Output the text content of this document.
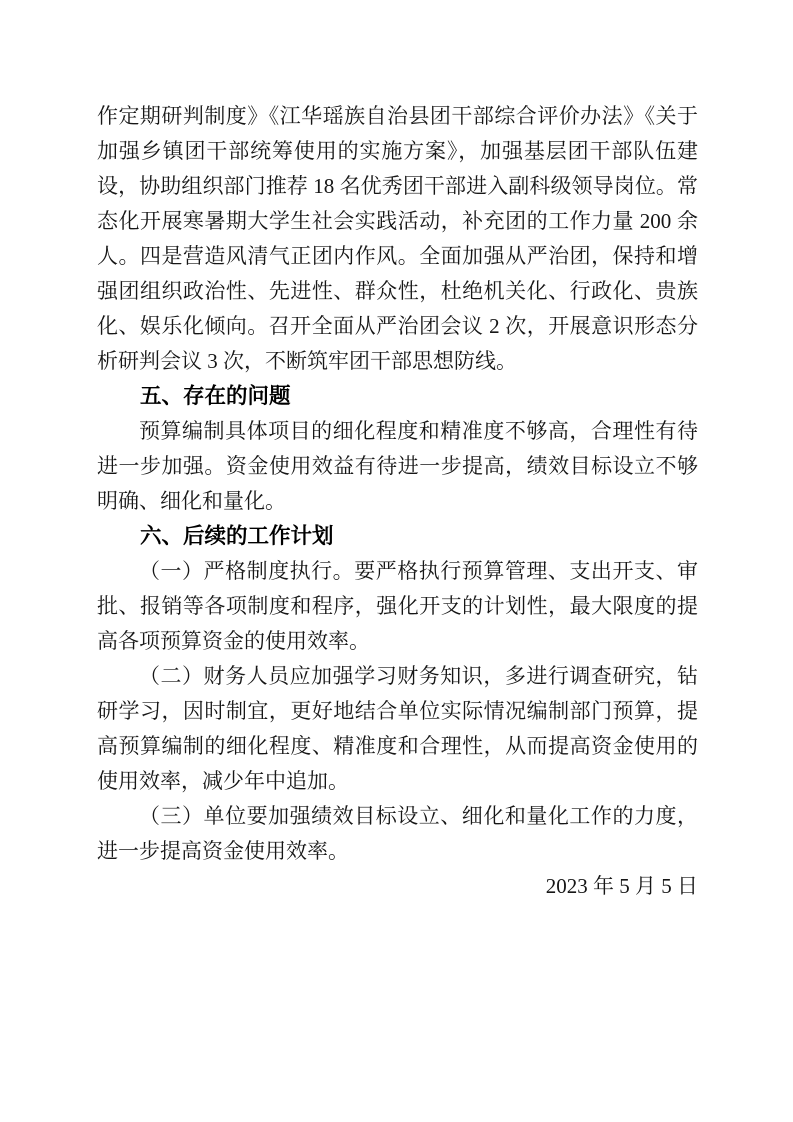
作定期研判制度》《江华瑶族自治县团干部综合评价办法》《关于加强乡镇团干部统筹使用的实施方案》，加强基层团干部队伍建设，协助组织部门推荐 18 名优秀团干部进入副科级领导岗位。常态化开展寒暑期大学生社会实践活动，补充团的工作力量 200 余人。四是营造风清气正团内作风。全面加强从严治团，保持和增强团组织政治性、先进性、群众性，杜绝机关化、行政化、贵族化、娱乐化倾向。召开全面从严治团会议 2 次，开展意识形态分析研判会议 3 次，不断筑牢团干部思想防线。

五、存在的问题

预算编制具体项目的细化程度和精准度不够高，合理性有待进一步加强。资金使用效益有待进一步提高，绩效目标设立不够明确、细化和量化。

六、后续的工作计划

（一）严格制度执行。要严格执行预算管理、支出开支、审批、报销等各项制度和程序，强化开支的计划性，最大限度的提高各项预算资金的使用效率。

（二）财务人员应加强学习财务知识，多进行调查研究，钻研学习，因时制宜，更好地结合单位实际情况编制部门预算，提高预算编制的细化程度、精准度和合理性，从而提高资金使用的使用效率，减少年中追加。

（三）单位要加强绩效目标设立、细化和量化工作的力度，进一步提高资金使用效率。

2023 年 5 月 5 日
